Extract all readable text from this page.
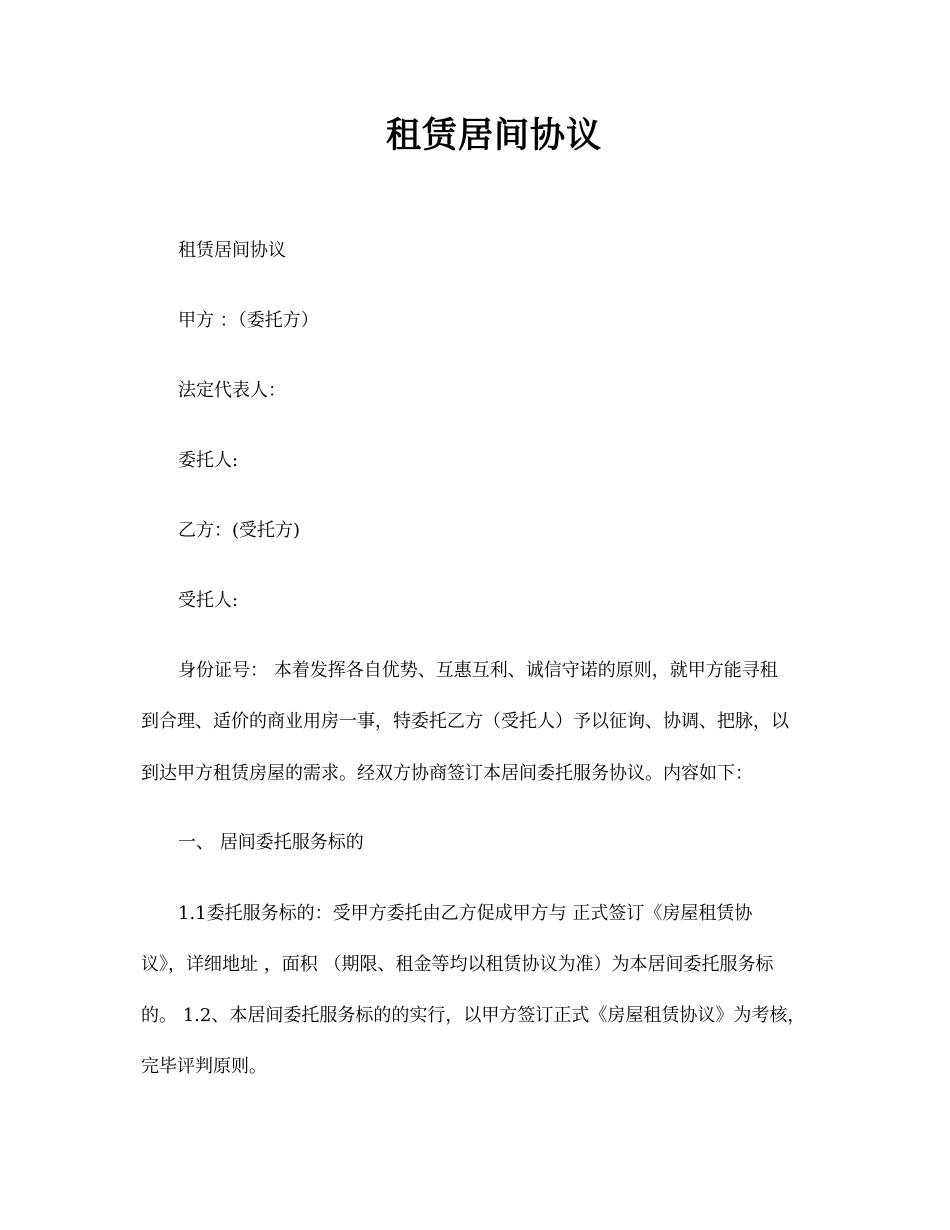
租赁居间协议
租赁居间协议
甲方 ：（委托方）
法定代表人：
委托人:
乙方：(受托方)
受托人:
身份证号： 本着发挥各自优势、互惠互利、诚信守诺的原则，就甲方能寻租
到合理、适价的商业用房一事，特委托乙方（受托人）予以征询、协调、把脉，以
到达甲方租赁房屋的需求。经双方协商签订本居间委托服务协议。内容如下：
一、 居间委托服务标的
1.1委托服务标的：受甲方委托由乙方促成甲方与 正式签订《房屋租赁协
议》，详细地址 ，面积 （期限、租金等均以租赁协议为准）为本居间委托服务标
的。 1.2、本居间委托服务标的的实行，以甲方签订正式《房屋租赁协议》为考核，
完毕评判原则。
